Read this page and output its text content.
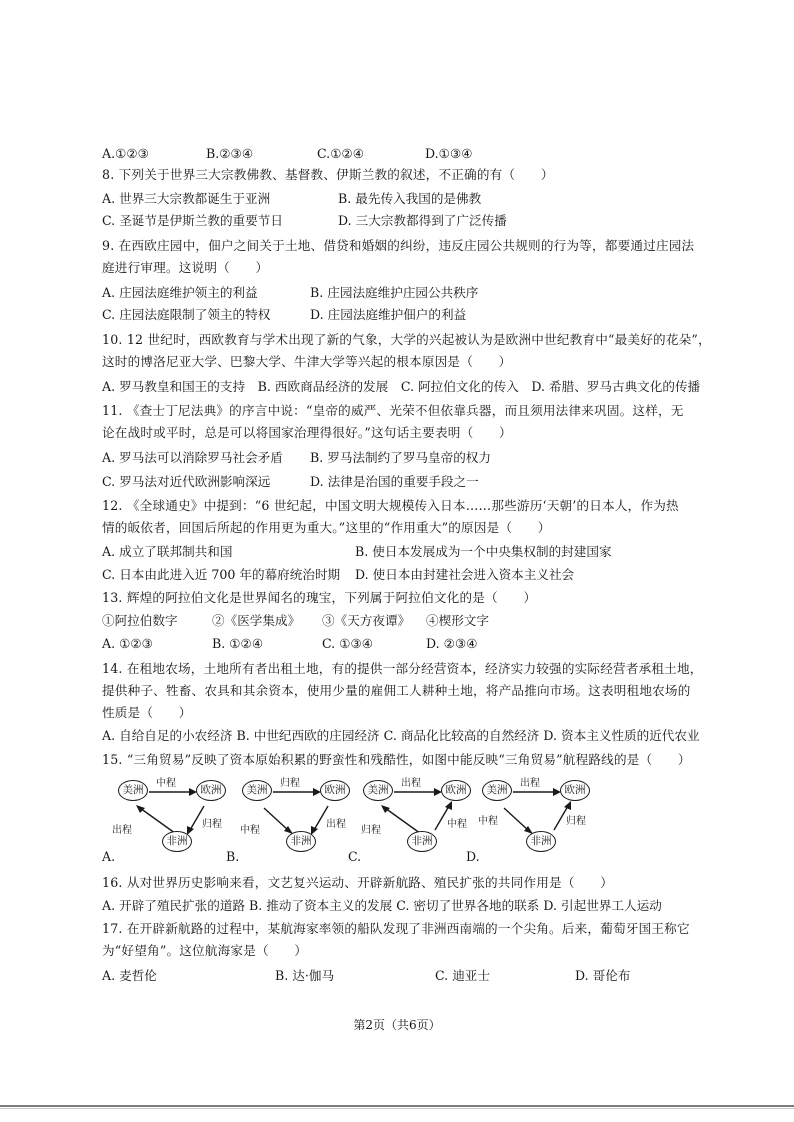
A.①②③	B.②③④	C.①②④	D.①③④
8. 下列关于世界三大宗教佛教、基督教、伊斯兰教的叙述，不正确的有（　　）
A. 世界三大宗教都诞生于亚洲	B. 最先传入我国的是佛教
C. 圣诞节是伊斯兰教的重要节日	D. 三大宗教都得到了广泛传播
9. 在西欧庄园中，佃户之间关于土地、借贷和婚姻的纠纷，违反庄园公共规则的行为等，都要通过庄园法
庭进行审理。这说明（　　）
A. 庄园法庭维护领主的利益	B. 庄园法庭维护庄园公共秩序
C. 庄园法庭限制了领主的特权	D. 庄园法庭维护佃户的利益
10. 12 世纪时，西欧教育与学术出现了新的气象，大学的兴起被认为是欧洲中世纪教育中“最美好的花朵”，
这时的博洛尼亚大学、巴黎大学、牛津大学等兴起的根本原因是（　　）
A. 罗马教皇和国王的支持　B. 西欧商品经济的发展　C. 阿拉伯文化的传入　D. 希腊、罗马古典文化的传播
11. 《查士丁尼法典》的序言中说：“皇帝的威严、光荣不但依靠兵器，而且须用法律来巩固。这样，无
论在战时或平时，总是可以将国家治理得很好。”这句话主要表明（　　）
A. 罗马法可以消除罗马社会矛盾 B. 罗马法制约了罗马皇帝的权力
C. 罗马法对近代欧洲影响深远	D. 法律是治国的重要手段之一
12. 《全球通史》中提到：“6 世纪起，中国文明大规模传入日本……那些游历‘天朝’的日本人，作为热
情的皈依者，回国后所起的作用更为重大。”这里的“作用重大”的原因是（　　）
A. 成立了联邦制共和国	B. 使日本发展成为一个中央集权制的封建国家
C. 日本由此进入近 700 年的幕府统治时期 D. 使日本由封建社会进入资本主义社会
13. 辉煌的阿拉伯文化是世界闻名的瑰宝，下列属于阿拉伯文化的是（　　）
①阿拉伯数字	②《医学集成》 ③《天方夜谭》 ④楔形文字
A. ①②③	B. ①②④	C. ①③④	D. ②③④
14. 在租地农场，土地所有者出租土地，有的提供一部分经营资本，经济实力较强的实际经营者承租土地，
提供种子、牲畜、农具和其余资本，使用少量的雇佣工人耕种土地，将产品推向市场。这表明租地农场的
性质是（　　）
A. 自给自足的小农经济 B. 中世纪西欧的庄园经济 C. 商品化比较高的自然经济 D. 资本主义性质的近代农业
15. “三角贸易”反映了资本原始积累的野蛮性和残酷性，如图中能反映“三角贸易”航程路线的是（　　）
美洲	欧洲
非洲
中程
出程
归程
A.
美洲	欧洲
非洲
归程
中程
出程
B.
美洲	欧洲
非洲
出程
归程
中程
C.
美洲	欧洲
非洲
出程
中程	归程
D.
16. 从对世界历史影响来看，文艺复兴运动、开辟新航路、殖民扩张的共同作用是（　　）
A. 开辟了殖民扩张的道路 B. 推动了资本主义的发展 C. 密切了世界各地的联系 D. 引起世界工人运动
17. 在开辟新航路的过程中，某航海家率领的船队发现了非洲西南端的一个尖角。后来，葡萄牙国王称它
为“好望角”。这位航海家是（　　）
A. 麦哲伦	B. 达·伽马	C. 迪亚士	D. 哥伦布
第2页（共6页）
